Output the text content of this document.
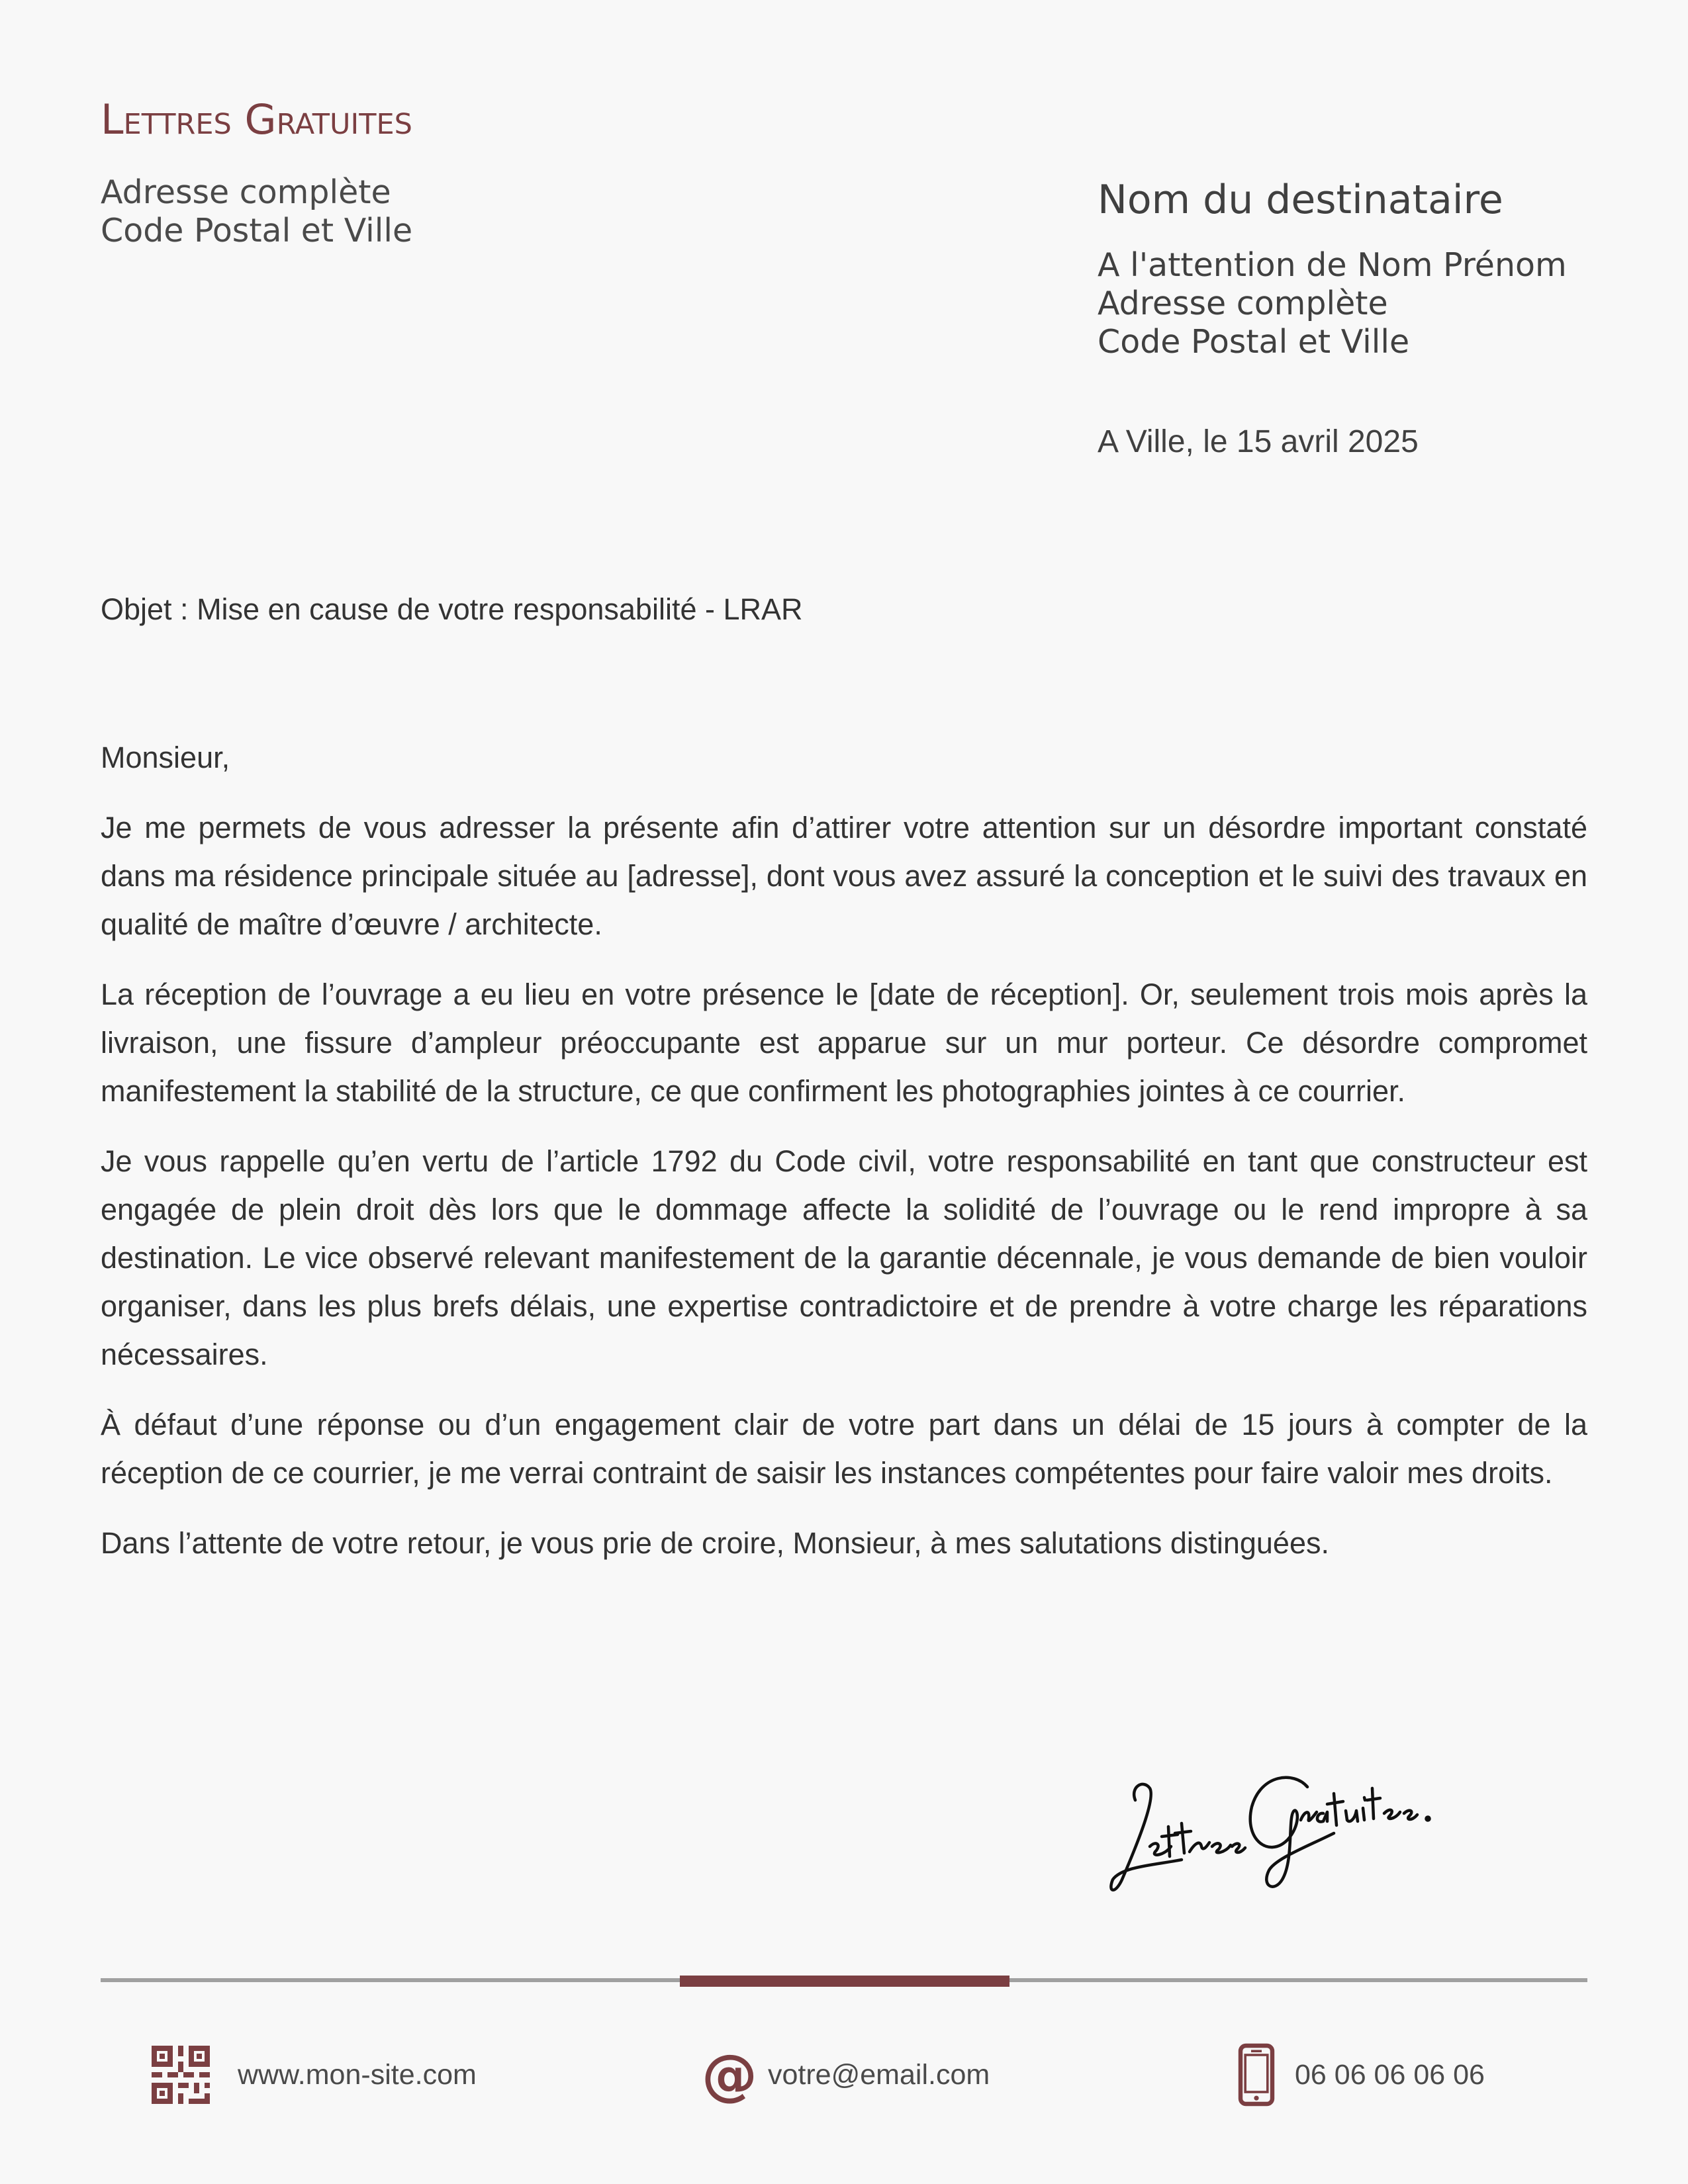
Lettres Gratuites
Adresse complète
Code Postal et Ville
Nom du destinataire
A l'attention de Nom Prénom
Adresse complète
Code Postal et Ville
A Ville, le 15 avril 2025
Objet : Mise en cause de votre responsabilité - LRAR

Monsieur,

Je me permets de vous adresser la présente afin d’attirer votre attention sur un désordre important constaté dans ma résidence principale située au [adresse], dont vous avez assuré la conception et le suivi des travaux en qualité de maître d’œuvre / architecte.

La réception de l’ouvrage a eu lieu en votre présence le [date de réception]. Or, seulement trois mois après la livraison, une fissure d’ampleur préoccupante est apparue sur un mur porteur. Ce désordre compromet manifestement la stabilité de la structure, ce que confirment les photographies jointes à ce courrier.

Je vous rappelle qu’en vertu de l’article 1792 du Code civil, votre responsabilité en tant que constructeur est engagée de plein droit dès lors que le dommage affecte la solidité de l’ouvrage ou le rend impropre à sa destination. Le vice observé relevant manifestement de la garantie décennale, je vous demande de bien vouloir organiser, dans les plus brefs délais, une expertise contradictoire et de prendre à votre charge les réparations nécessaires.

À défaut d’une réponse ou d’un engagement clair de votre part dans un délai de 15 jours à compter de la réception de ce courrier, je me verrai contraint de saisir les instances compétentes pour faire valoir mes droits.

Dans l’attente de votre retour, je vous prie de croire, Monsieur, à mes salutations distinguées.

www.mon-site.com	@ votre@email.com	06 06 06 06 06
